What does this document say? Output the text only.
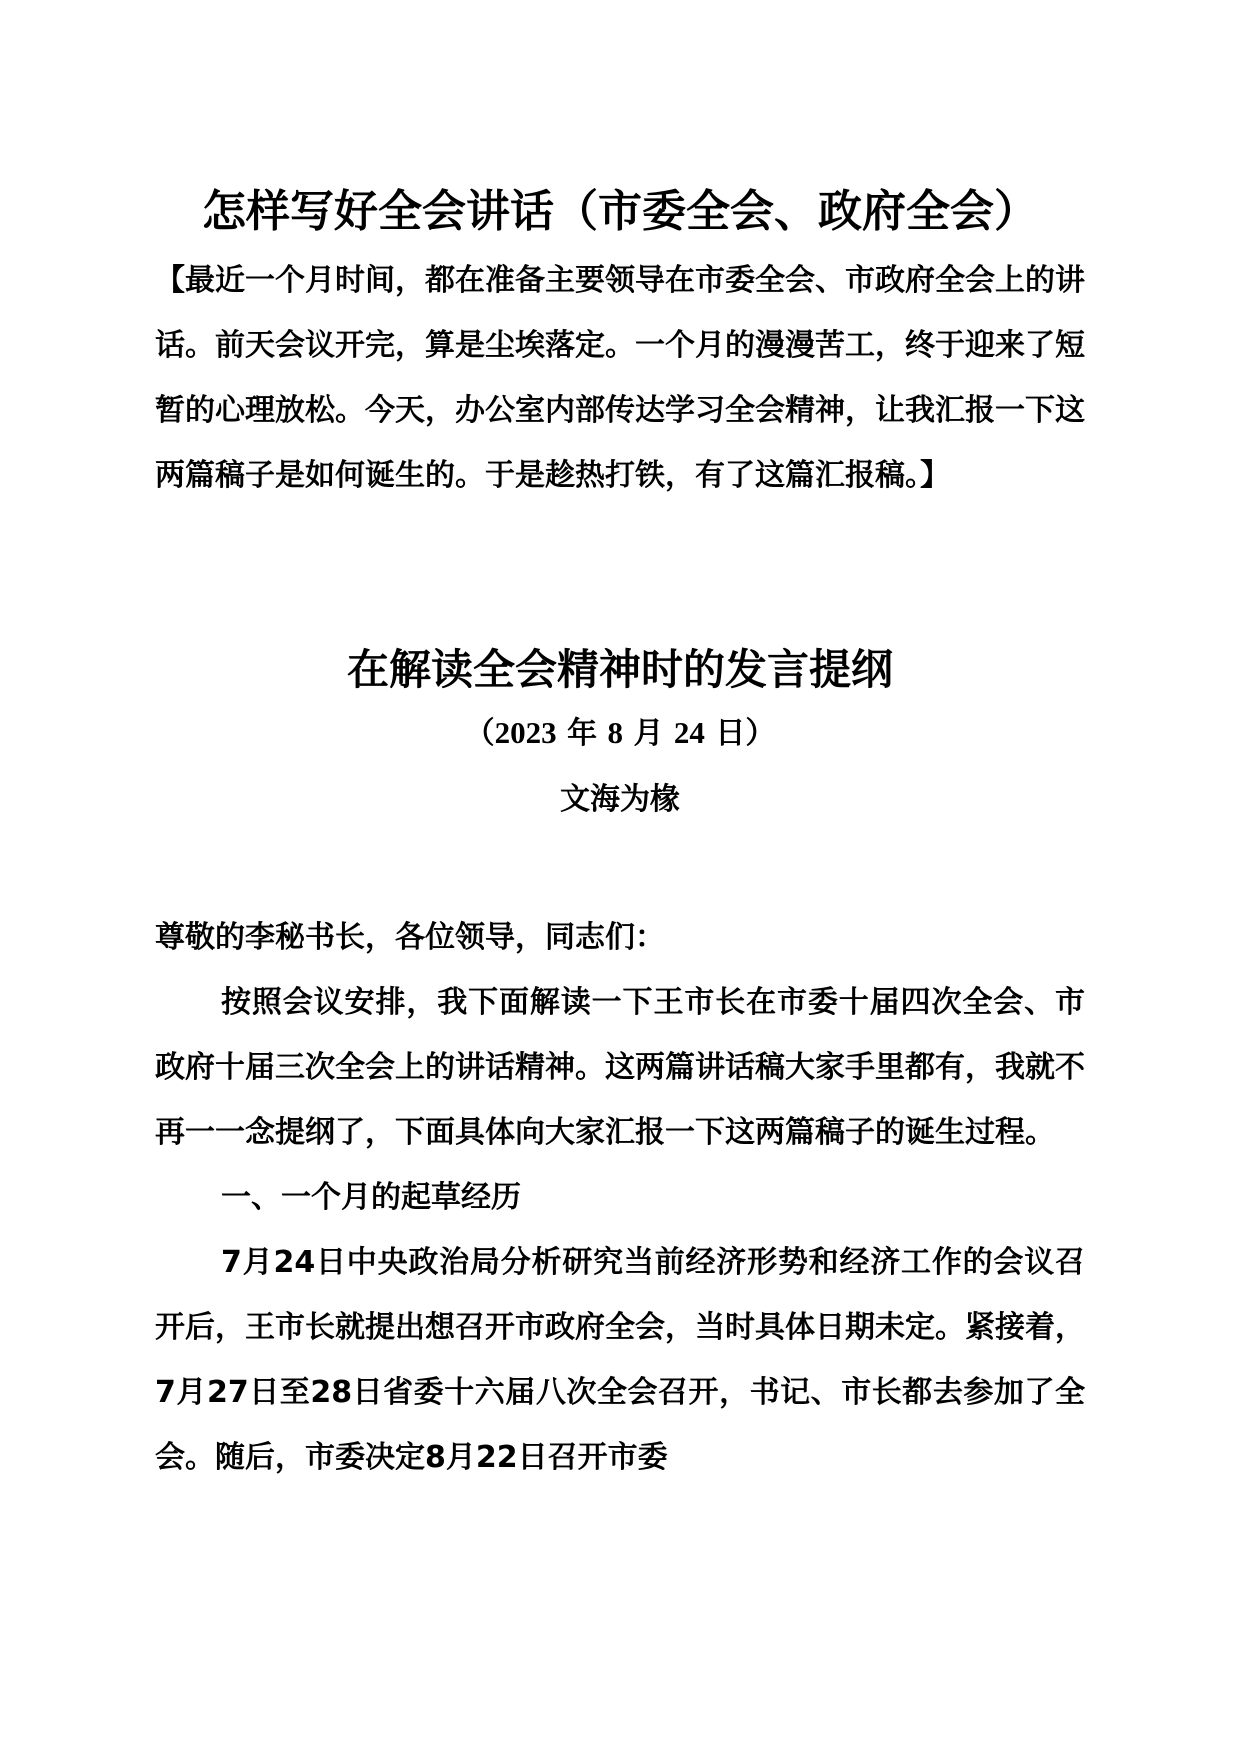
怎样写好全会讲话（市委全会、政府全会）

【最近一个月时间，都在准备主要领导在市委全会、市政府全会上的讲话。前天会议开完，算是尘埃落定。一个月的漫漫苦工，终于迎来了短暂的心理放松。今天，办公室内部传达学习全会精神，让我汇报一下这两篇稿子是如何诞生的。于是趁热打铁，有了这篇汇报稿。】

在解读全会精神时的发言提纲
（2023 年 8 月 24 日）
文海为椽

尊敬的李秘书长，各位领导，同志们：

按照会议安排，我下面解读一下王市长在市委十届四次全会、市政府十届三次全会上的讲话精神。这两篇讲话稿大家手里都有，我就不再一一念提纲了，下面具体向大家汇报一下这两篇稿子的诞生过程。

一、一个月的起草经历

7月24日中央政治局分析研究当前经济形势和经济工作的会议召开后，王市长就提出想召开市政府全会，当时具体日期未定。紧接着，7月27日至28日省委十六届八次全会召开，书记、市长都去参加了全会。随后，市委决定8月22日召开市委
